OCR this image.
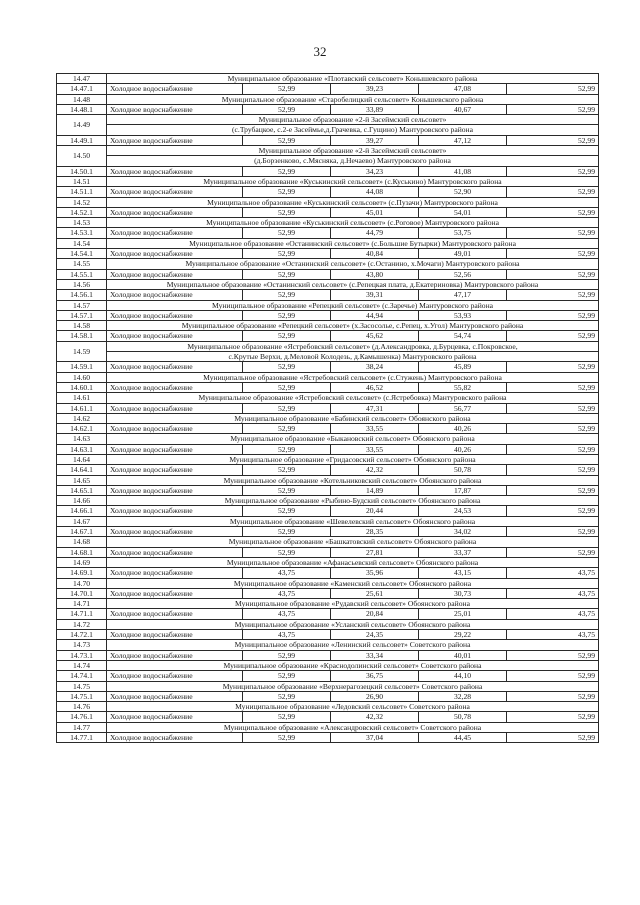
32
14.47	Муниципальное образование «Плотавский сельсовет» Конышевского района				
14.47.1	Холодное водоснабжение	52,99	39,23	47,08	52,99
14.48	Муниципальное образование «Старобелицкий сельсовет» Конышевского района				
14.48.1	Холодное водоснабжение	52,99	33,89	40,67	52,99
14.49	Муниципальное образование «2-й Засеймский сельсовет»				
	(с.Трубацкое, с.2-е Засеймье,д.Грачевка, с.Гущино) Мантуровского района				
14.49.1	Холодное водоснабжение	52,99	39,27	47,12	52,99
14.50	Муниципальное образование «2-й Засеймский сельсовет»				
	(д.Борзенково, с.Мясняка, д.Нечаево) Мантуровского района				
14.50.1	Холодное водоснабжение	52,99	34,23	41,08	52,99
14.51	Муниципальное образование «Куськинский сельсовет» (с.Куськино) Мантуровского района				
14.51.1	Холодное водоснабжение	52,99	44,08	52,90	52,99
14.52	Муниципальное образование «Куськинский сельсовет» (с.Пузачи) Мантуровского района				
14.52.1	Холодное водоснабжение	52,99	45,01	54,01	52,99
14.53	Муниципальное образование «Куськинский сельсовет» (с.Роговое) Мантуровского района				
14.53.1	Холодное водоснабжение	52,99	44,79	53,75	52,99
14.54	Муниципальное образование «Останинский сельсовет» (с.Большие Бутырки) Мантуровского района				
14.54.1	Холодное водоснабжение	52,99	40,84	49,01	52,99
14.55	Муниципальное образование «Останинский сельсовет» (с.Останино, х.Мочаги) Мантуровского района				
14.55.1	Холодное водоснабжение	52,99	43,80	52,56	52,99
14.56	Муниципальное образование «Останинский сельсовет» (с.Репецкая плата, д.Екатериновка) Мантуровского района				
14.56.1	Холодное водоснабжение	52,99	39,31	47,17	52,99
14.57	Муниципальное образование «Репецкий сельсовет» (с.Заречье) Мантуровского района				
14.57.1	Холодное водоснабжение	52,99	44,94	53,93	52,99
14.58	Муниципальное образование «Репецкий сельсовет» (х.Засосолье, с.Репец, х.Угол) Мантуровского района				
14.58.1	Холодное водоснабжение	52,99	45,62	54,74	52,99
14.59	Муниципальное образование «Ястребовский сельсовет» (д.Александровка, д.Бурцевка, с.Покровское,				
	с.Крутые Верхи, д.Меловой Колодезь, д.Камышенка) Мантуровского района				
14.59.1	Холодное водоснабжение	52,99	38,24	45,89	52,99
14.60	Муниципальное образование «Ястребовский сельсовет» (с.Стужень) Мантуровского района				
14.60.1	Холодное водоснабжение	52,99	46,52	55,82	52,99
14.61	Муниципальное образование «Ястребовский сельсовет» (с.Ястребовка) Мантуровского района				
14.61.1	Холодное водоснабжение	52,99	47,31	56,77	52,99
14.62	Муниципальное образование «Бабинский сельсовет» Обоянского района				
14.62.1	Холодное водоснабжение	52,99	33,55	40,26	52,99
14.63	Муниципальное образование «Быкановский сельсовет» Обоянского района				
14.63.1	Холодное водоснабжение	52,99	33,55	40,26	52,99
14.64	Муниципальное образование «Гридасовский сельсовет» Обоянского района				
14.64.1	Холодное водоснабжение	52,99	42,32	50,78	52,99
14.65	Муниципальное образование «Котельниковский сельсовет» Обоянского района				
14.65.1	Холодное водоснабжение	52,99	14,89	17,87	52,99
14.66	Муниципальное образование «Рыбино-Будский сельсовет» Обоянского района				
14.66.1	Холодное водоснабжение	52,99	20,44	24,53	52,99
14.67	Муниципальное образование «Шевелевский сельсовет» Обоянского района				
14.67.1	Холодное водоснабжение	52,99	28,35	34,02	52,99
14.68	Муниципальное образование «Башкатовский сельсовет» Обоянского района				
14.68.1	Холодное водоснабжение	52,99	27,81	33,37	52,99
14.69	Муниципальное образование «Афанасьевский сельсовет» Обоянского района				
14.69.1	Холодное водоснабжение	43,75	35,96	43,15	43,75
14.70	Муниципальное образование «Каменский сельсовет» Обоянского района				
14.70.1	Холодное водоснабжение	43,75	25,61	30,73	43,75
14.71	Муниципальное образование «Рудавский сельсовет» Обоянского района				
14.71.1	Холодное водоснабжение	43,75	20,84	25,01	43,75
14.72	Муниципальное образование «Усланский сельсовет» Обоянского района				
14.72.1	Холодное водоснабжение	43,75	24,35	29,22	43,75
14.73	Муниципальное образование «Ленинский сельсовет» Советского района				
14.73.1	Холодное водоснабжение	52,99	33,34	40,01	52,99
14.74	Муниципальное образование «Краснодолинский сельсовет» Советского района				
14.74.1	Холодное водоснабжение	52,99	36,75	44,10	52,99
14.75	Муниципальное образование «Верхнерагозецкий сельсовет» Советского района				
14.75.1	Холодное водоснабжение	52,99	26,90	32,28	52,99
14.76	Муниципальное образование «Ледовский сельсовет» Советского района				
14.76.1	Холодное водоснабжение	52,99	42,32	50,78	52,99
14.77	Муниципальное образование «Александровский сельсовет» Советского района				
14.77.1	Холодное водоснабжение	52,99	37,04	44,45	52,99
